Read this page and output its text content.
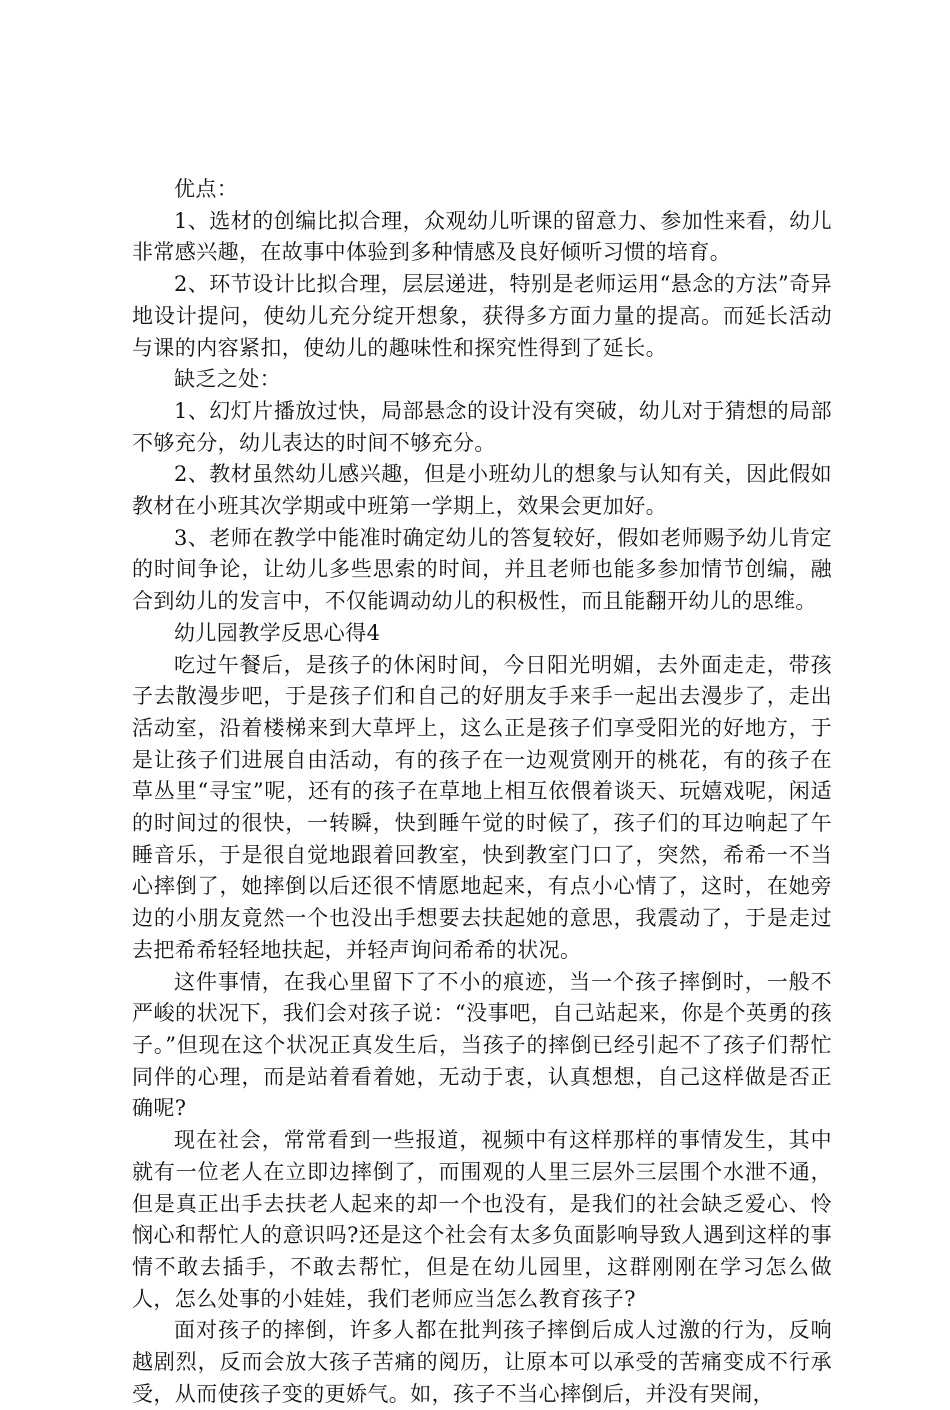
优点：

1、选材的创编比拟合理，众观幼儿听课的留意力、参加性来看，幼儿非常感兴趣，在故事中体验到多种情感及良好倾听习惯的培育。

2、环节设计比拟合理，层层递进，特别是老师运用“悬念的方法”奇异地设计提问，使幼儿充分绽开想象，获得多方面力量的提高。而延长活动与课的内容紧扣，使幼儿的趣味性和探究性得到了延长。

缺乏之处：

1、幻灯片播放过快，局部悬念的设计没有突破，幼儿对于猜想的局部不够充分，幼儿表达的时间不够充分。

2、教材虽然幼儿感兴趣，但是小班幼儿的想象与认知有关，因此假如教材在小班其次学期或中班第一学期上，效果会更加好。

3、老师在教学中能准时确定幼儿的答复较好，假如老师赐予幼儿肯定的时间争论，让幼儿多些思索的时间，并且老师也能多参加情节创编，融合到幼儿的发言中，不仅能调动幼儿的积极性，而且能翻开幼儿的思维。

幼儿园教学反思心得4

吃过午餐后，是孩子的休闲时间，今日阳光明媚，去外面走走，带孩子去散漫步吧，于是孩子们和自己的好朋友手来手一起出去漫步了，走出活动室，沿着楼梯来到大草坪上，这么正是孩子们享受阳光的好地方，于是让孩子们进展自由活动，有的孩子在一边观赏刚开的桃花，有的孩子在草丛里“寻宝”呢，还有的孩子在草地上相互依偎着谈天、玩嬉戏呢，闲适的时间过的很快，一转瞬，快到睡午觉的时候了，孩子们的耳边响起了午睡音乐，于是很自觉地跟着回教室，快到教室门口了，突然，希希一不当心摔倒了，她摔倒以后还很不情愿地起来，有点小心情了，这时，在她旁边的小朋友竟然一个也没出手想要去扶起她的意思，我震动了，于是走过去把希希轻轻地扶起，并轻声询问希希的状况。

这件事情，在我心里留下了不小的痕迹，当一个孩子摔倒时，一般不严峻的状况下，我们会对孩子说：“没事吧，自己站起来，你是个英勇的孩子。”但现在这个状况正真发生后，当孩子的摔倒已经引起不了孩子们帮忙同伴的心理，而是站着看着她，无动于衷，认真想想，自己这样做是否正确呢?

现在社会，常常看到一些报道，视频中有这样那样的事情发生，其中就有一位老人在立即边摔倒了，而围观的人里三层外三层围个水泄不通，但是真正出手去扶老人起来的却一个也没有，是我们的社会缺乏爱心、怜悯心和帮忙人的意识吗?还是这个社会有太多负面影响导致人遇到这样的事情不敢去插手，不敢去帮忙，但是在幼儿园里，这群刚刚在学习怎么做人，怎么处事的小娃娃，我们老师应当怎么教育孩子?

面对孩子的摔倒，许多人都在批判孩子摔倒后成人过激的行为，反响越剧烈，反而会放大孩子苦痛的阅历，让原本可以承受的苦痛变成不行承受，从而使孩子变的更娇气。如，孩子不当心摔倒后，并没有哭闹，
